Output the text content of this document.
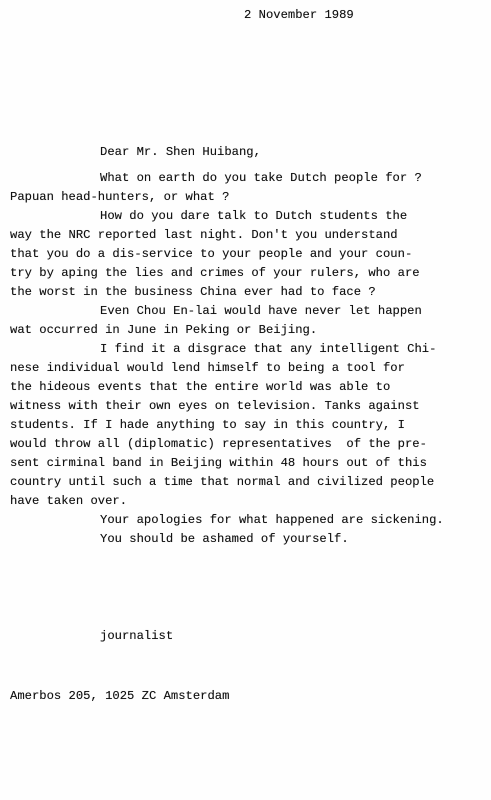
2 November 1989
Dear Mr. Shen Huibang,
What on earth do you take Dutch people for ?
Papuan head-hunters, or what ?
How do you dare talk to Dutch students the
way the NRC reported last night. Don't you understand
that you do a dis-service to your people and your coun-
try by aping the lies and crimes of your rulers, who are
the worst in the business China ever had to face ?
Even Chou En-lai would have never let happen
wat occurred in June in Peking or Beijing.
I find it a disgrace that any intelligent Chi-
nese individual would lend himself to being a tool for
the hideous events that the entire world was able to
witness with their own eyes on television. Tanks against
students. If I hade anything to say in this country, I
would throw all (diplomatic) representatives  of the pre-
sent cirminal band in Beijing within 48 hours out of this
country until such a time that normal and civilized people
have taken over.
Your apologies for what happened are sickening.
You should be ashamed of yourself.
journalist
Amerbos 205, 1025 ZC Amsterdam
